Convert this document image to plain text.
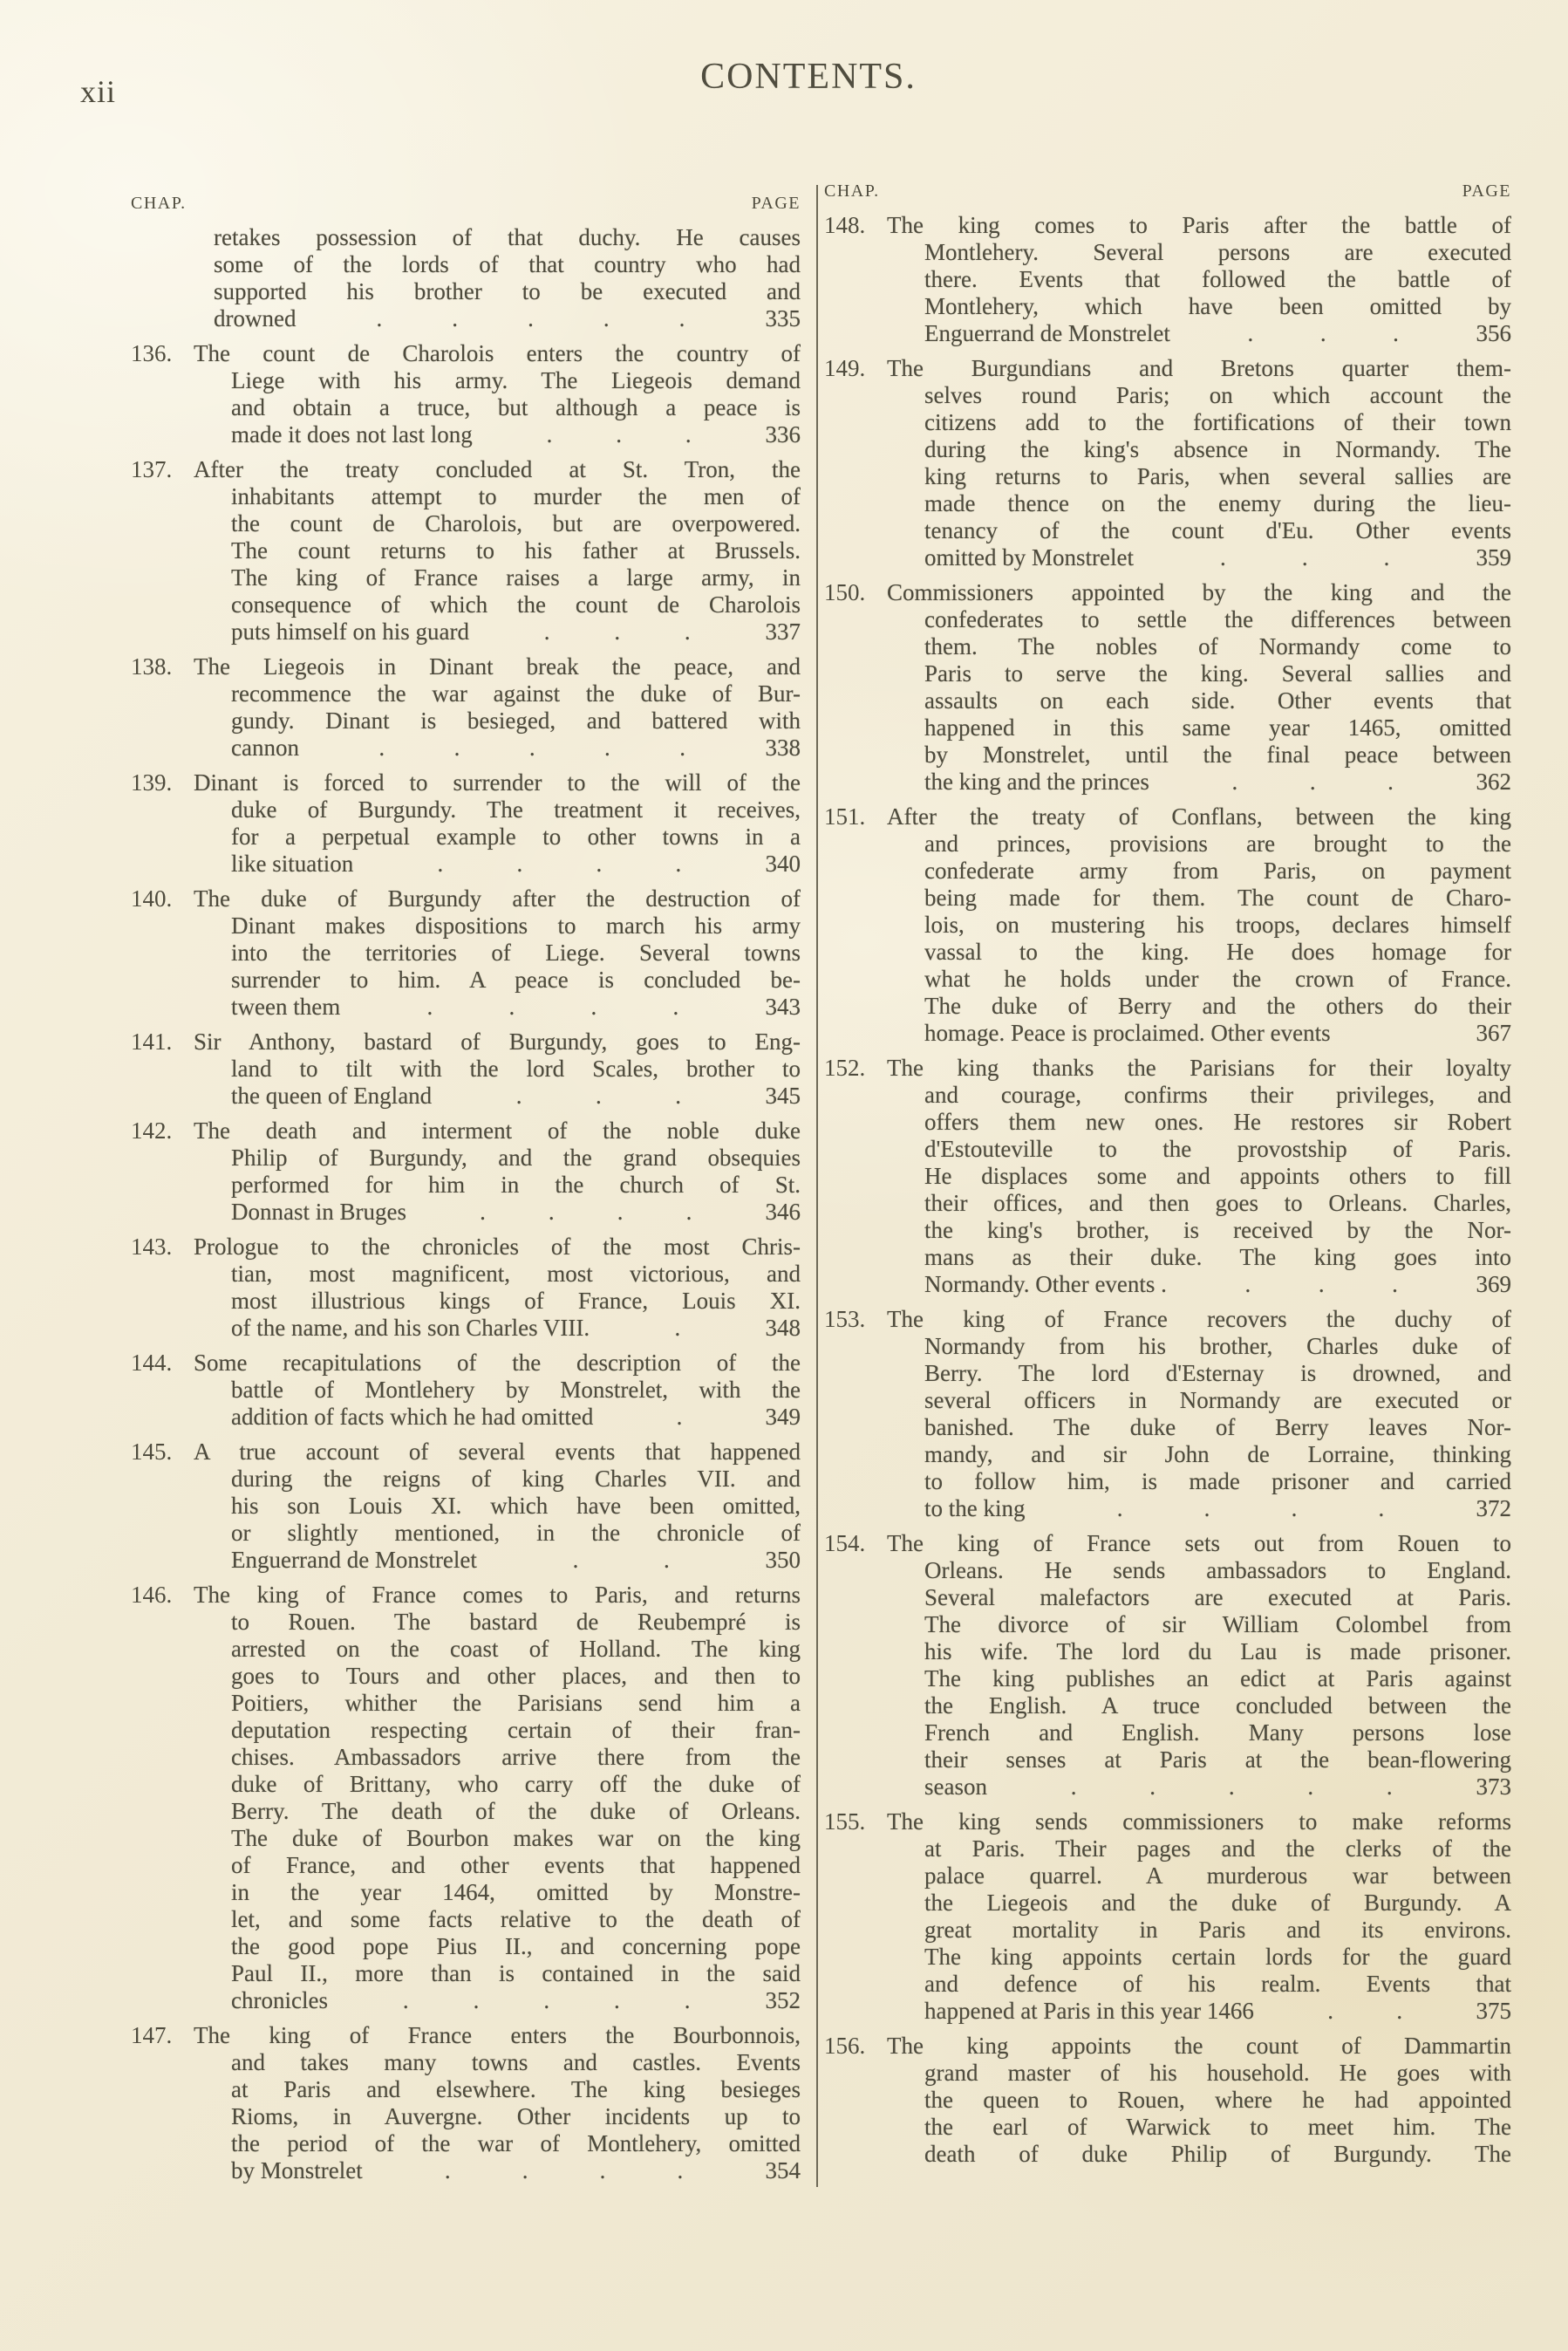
xii	CONTENTS.
CHAP.	PAGE
retakes possession of that duchy. He causes
some of the lords of that country who had
supported his brother to be executed and
drowned	.	.	.	.	.	335
136. The count de Charolois enters the country of
Liege with his army. The Liegeois demand
and obtain a truce, but although a peace is
made it does not last long	.	.	.	336
137. After the treaty concluded at St. Tron, the
inhabitants attempt to murder the men of
the count de Charolois, but are overpowered.
The count returns to his father at Brussels.
The king of France raises a large army, in
consequence of which the count de Charolois
puts himself on his guard	.	.	.	337
138. The Liegeois in Dinant break the peace, and
recommence the war against the duke of Bur-
gundy. Dinant is besieged, and battered with
cannon	.	.	.	.	.	338
139. Dinant is forced to surrender to the will of the
duke of Burgundy. The treatment it receives,
for a perpetual example to other towns in a
like situation	.	.	.	.	340
140. The duke of Burgundy after the destruction of
Dinant makes dispositions to march his army
into the territories of Liege. Several towns
surrender to him. A peace is concluded be-
tween them	.	.	.	.	343
141. Sir Anthony, bastard of Burgundy, goes to Eng-
land to tilt with the lord Scales, brother to
the queen of England	.	.	.	345
142. The death and interment of the noble duke
Philip of Burgundy, and the grand obsequies
performed for him in the church of St.
Donnast in Bruges	.	.	.	.	346
143. Prologue to the chronicles of the most Chris-
tian, most magnificent, most victorious, and
most illustrious kings of France, Louis XI.
of the name, and his son Charles VIII.	.	348
144. Some recapitulations of the description of the
battle of Montlehery by Monstrelet, with the
addition of facts which he had omitted	.	349
145. A true account of several events that happened
during the reigns of king Charles VII. and
his son Louis XI. which have been omitted,
or slightly mentioned, in the chronicle of
Enguerrand de Monstrelet	.	.	350
146. The king of France comes to Paris, and returns
to Rouen. The bastard de Reubempré is
arrested on the coast of Holland. The king
goes to Tours and other places, and then to
Poitiers, whither the Parisians send him a
deputation respecting certain of their fran-
chises. Ambassadors arrive there from the
duke of Brittany, who carry off the duke of
Berry. The death of the duke of Orleans.
The duke of Bourbon makes war on the king
of France, and other events that happened
in the year 1464, omitted by Monstre-
let, and some facts relative to the death of
the good pope Pius II., and concerning pope
Paul II., more than is contained in the said
chronicles	.	.	.	.	.	352
147. The king of France enters the Bourbonnois,
and takes many towns and castles. Events
at Paris and elsewhere. The king besieges
Rioms, in Auvergne. Other incidents up to
the period of the war of Montlehery, omitted
by Monstrelet	.	.	.	.	354
CHAP.	PAGE
148. The king comes to Paris after the battle of
Montlehery. Several persons are executed
there. Events that followed the battle of
Montlehery, which have been omitted by
Enguerrand de Monstrelet	.	.	.	356
149. The Burgundians and Bretons quarter them-
selves round Paris; on which account the
citizens add to the fortifications of their town
during the king's absence in Normandy. The
king returns to Paris, when several sallies are
made thence on the enemy during the lieu-
tenancy of the count d'Eu. Other events
omitted by Monstrelet	.	.	.	359
150. Commissioners appointed by the king and the
confederates to settle the differences between
them. The nobles of Normandy come to
Paris to serve the king. Several sallies and
assaults on each side. Other events that
happened in this same year 1465, omitted
by Monstrelet, until the final peace between
the king and the princes	.	.	.	362
151. After the treaty of Conflans, between the king
and princes, provisions are brought to the
confederate army from Paris, on payment
being made for them. The count de Charo-
lois, on mustering his troops, declares himself
vassal to the king. He does homage for
what he holds under the crown of France.
The duke of Berry and the others do their
homage. Peace is proclaimed. Other events	367
152. The king thanks the Parisians for their loyalty
and courage, confirms their privileges, and
offers them new ones. He restores sir Robert
d'Estouteville to the provostship of Paris.
He displaces some and appoints others to fill
their offices, and then goes to Orleans. Charles,
the king's brother, is received by the Nor-
mans as their duke. The king goes into
Normandy. Other events .	.	.	.	369
153. The king of France recovers the duchy of
Normandy from his brother, Charles duke of
Berry. The lord d'Esternay is drowned, and
several officers in Normandy are executed or
banished. The duke of Berry leaves Nor-
mandy, and sir John de Lorraine, thinking
to follow him, is made prisoner and carried
to the king	.	.	.	.	372
154. The king of France sets out from Rouen to
Orleans. He sends ambassadors to England.
Several malefactors are executed at Paris.
The divorce of sir William Colombel from
his wife. The lord du Lau is made prisoner.
The king publishes an edict at Paris against
the English. A truce concluded between the
French and English. Many persons lose
their senses at Paris at the bean-flowering
season	.	.	.	.	.	373
155. The king sends commissioners to make reforms
at Paris. Their pages and the clerks of the
palace quarrel. A murderous war between
the Liegeois and the duke of Burgundy. A
great mortality in Paris and its environs.
The king appoints certain lords for the guard
and defence of his realm. Events that
happened at Paris in this year 1466	.	.	375
156. The king appoints the count of Dammartin
grand master of his household. He goes with
the queen to Rouen, where he had appointed
the earl of Warwick to meet him. The
death of duke Philip of Burgundy. The
